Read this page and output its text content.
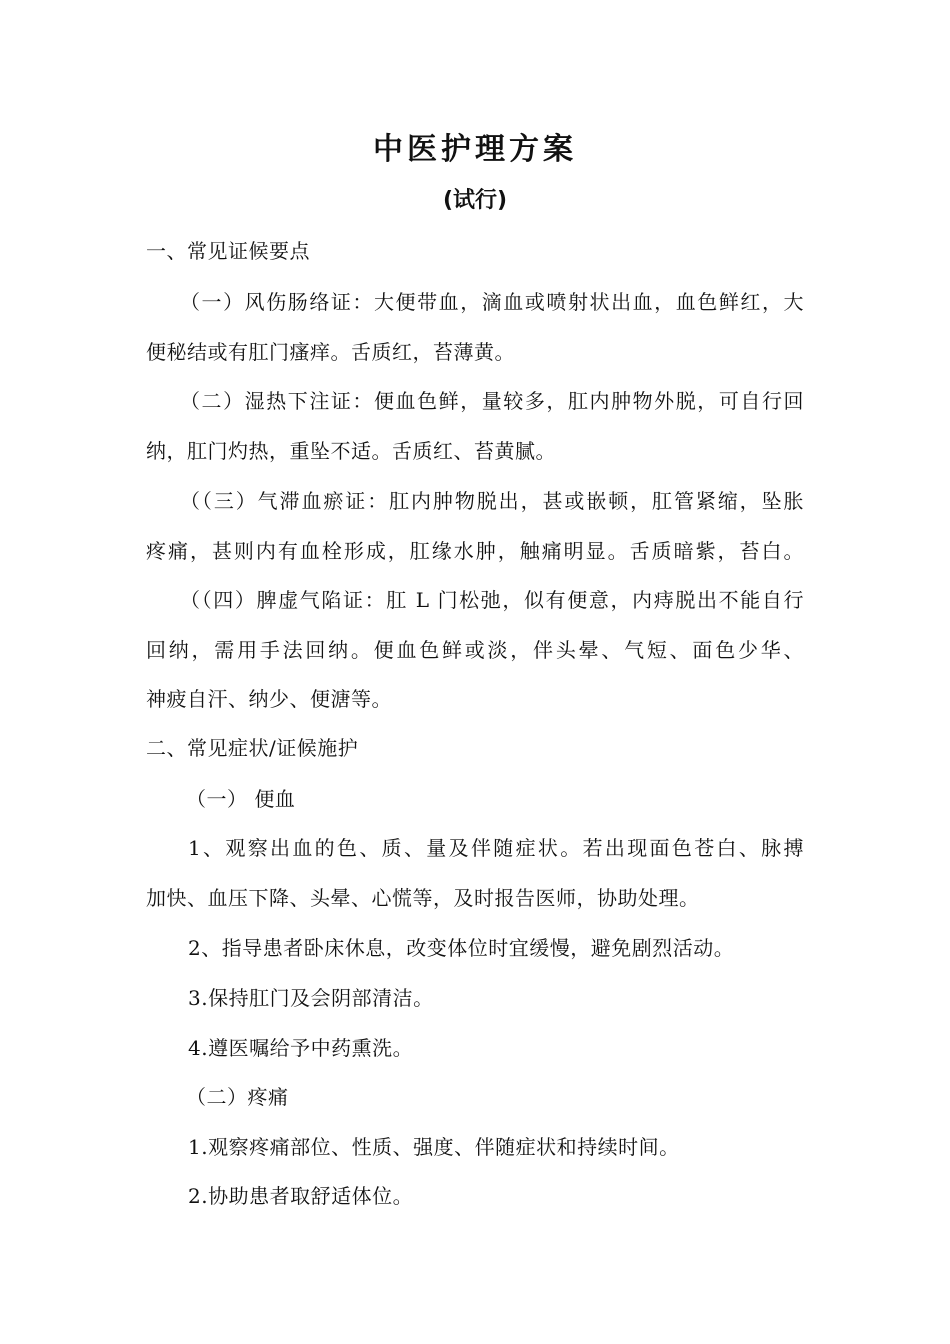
中医护理方案
(试行)
一、常见证候要点
（一）风伤肠络证：大便带血，滴血或喷射状出血，血色鲜红，大
便秘结或有肛门瘙痒。舌质红，苔薄黄。
（二）湿热下注证：便血色鲜，量较多，肛内肿物外脱，可自行回
纳，肛门灼热，重坠不适。舌质红、苔黄腻。
（（三）气滞血瘀证：肛内肿物脱出，甚或嵌顿，肛管紧缩，坠胀
疼痛，甚则内有血栓形成，肛缘水肿，触痛明显。舌质暗紫，苔白。
（（四）脾虚气陷证：肛 L 门松弛，似有便意，内痔脱出不能自行
回纳，需用手法回纳。便血色鲜或淡，伴头晕、气短、面色少华、
神疲自汗、纳少、便溏等。
二、常见症状/证候施护
（一） 便血
1、观察出血的色、质、量及伴随症状。若出现面色苍白、脉搏
加快、血压下降、头晕、心慌等，及时报告医师，协助处理。
2、指导患者卧床休息，改变体位时宜缓慢，避免剧烈活动。
3.保持肛门及会阴部清洁。
4.遵医嘱给予中药熏洗。
（二）疼痛
1.观察疼痛部位、性质、强度、伴随症状和持续时间。
2.协助患者取舒适体位。
